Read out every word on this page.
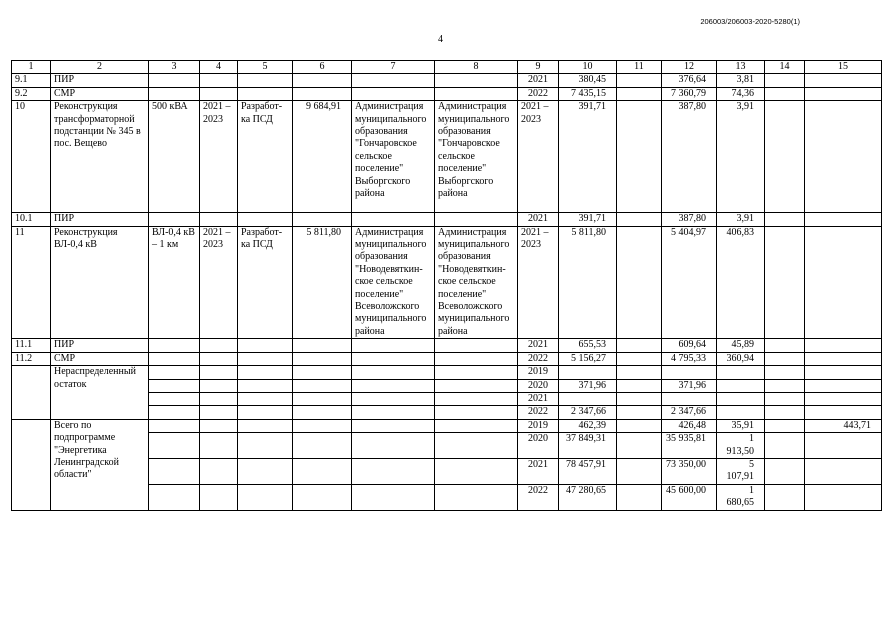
206003/206003-2020-5280(1)
4
1	2	3	4	5	6	7	8	9	10	11	12	13	14	15
9.1	ПИР							2021	380,45		376,64	3,81		
9.2	СМР							2022	7 435,15		7 360,79	74,36		
10	Реконструкция трансформаторной подстанции № 345 в пос. Вещево	500 кВА	2021 – 2023	Разработ-ка ПСД	9 684,91	Администрация муниципального образования "Гончаровское сельское поселение" Выборгского района	Администрация муниципального образования "Гончаровское сельское поселение" Выборгского района	2021 – 2023	391,71		387,80	3,91		
10.1	ПИР							2021	391,71		387,80	3,91		
11	Реконструкция ВЛ-0,4 кВ	ВЛ-0,4 кВ – 1 км	2021 – 2023	Разработ-ка ПСД	5 811,80	Администрация муниципального образования "Новодевяткин-ское сельское поселение" Всеволожского муниципального района	Администрация муниципального образования "Новодевяткин-ское сельское поселение" Всеволожского муниципального района	2021 – 2023	5 811,80		5 404,97	406,83		
11.1	ПИР							2021	655,53		609,64	45,89		
11.2	СМР							2022	5 156,27		4 795,33	360,94		
	Нераспределенный остаток							2019						
								2020	371,96		371,96			
								2021						
								2022	2 347,66		2 347,66			
	Всего по подпрограмме "Энергетика Ленинградской области"							2019	462,39		426,48	35,91		443,71
								2020	37 849,31		35 935,81	1 913,50		
								2021	78 457,91		73 350,00	5 107,91		
								2022	47 280,65		45 600,00	1 680,65		
